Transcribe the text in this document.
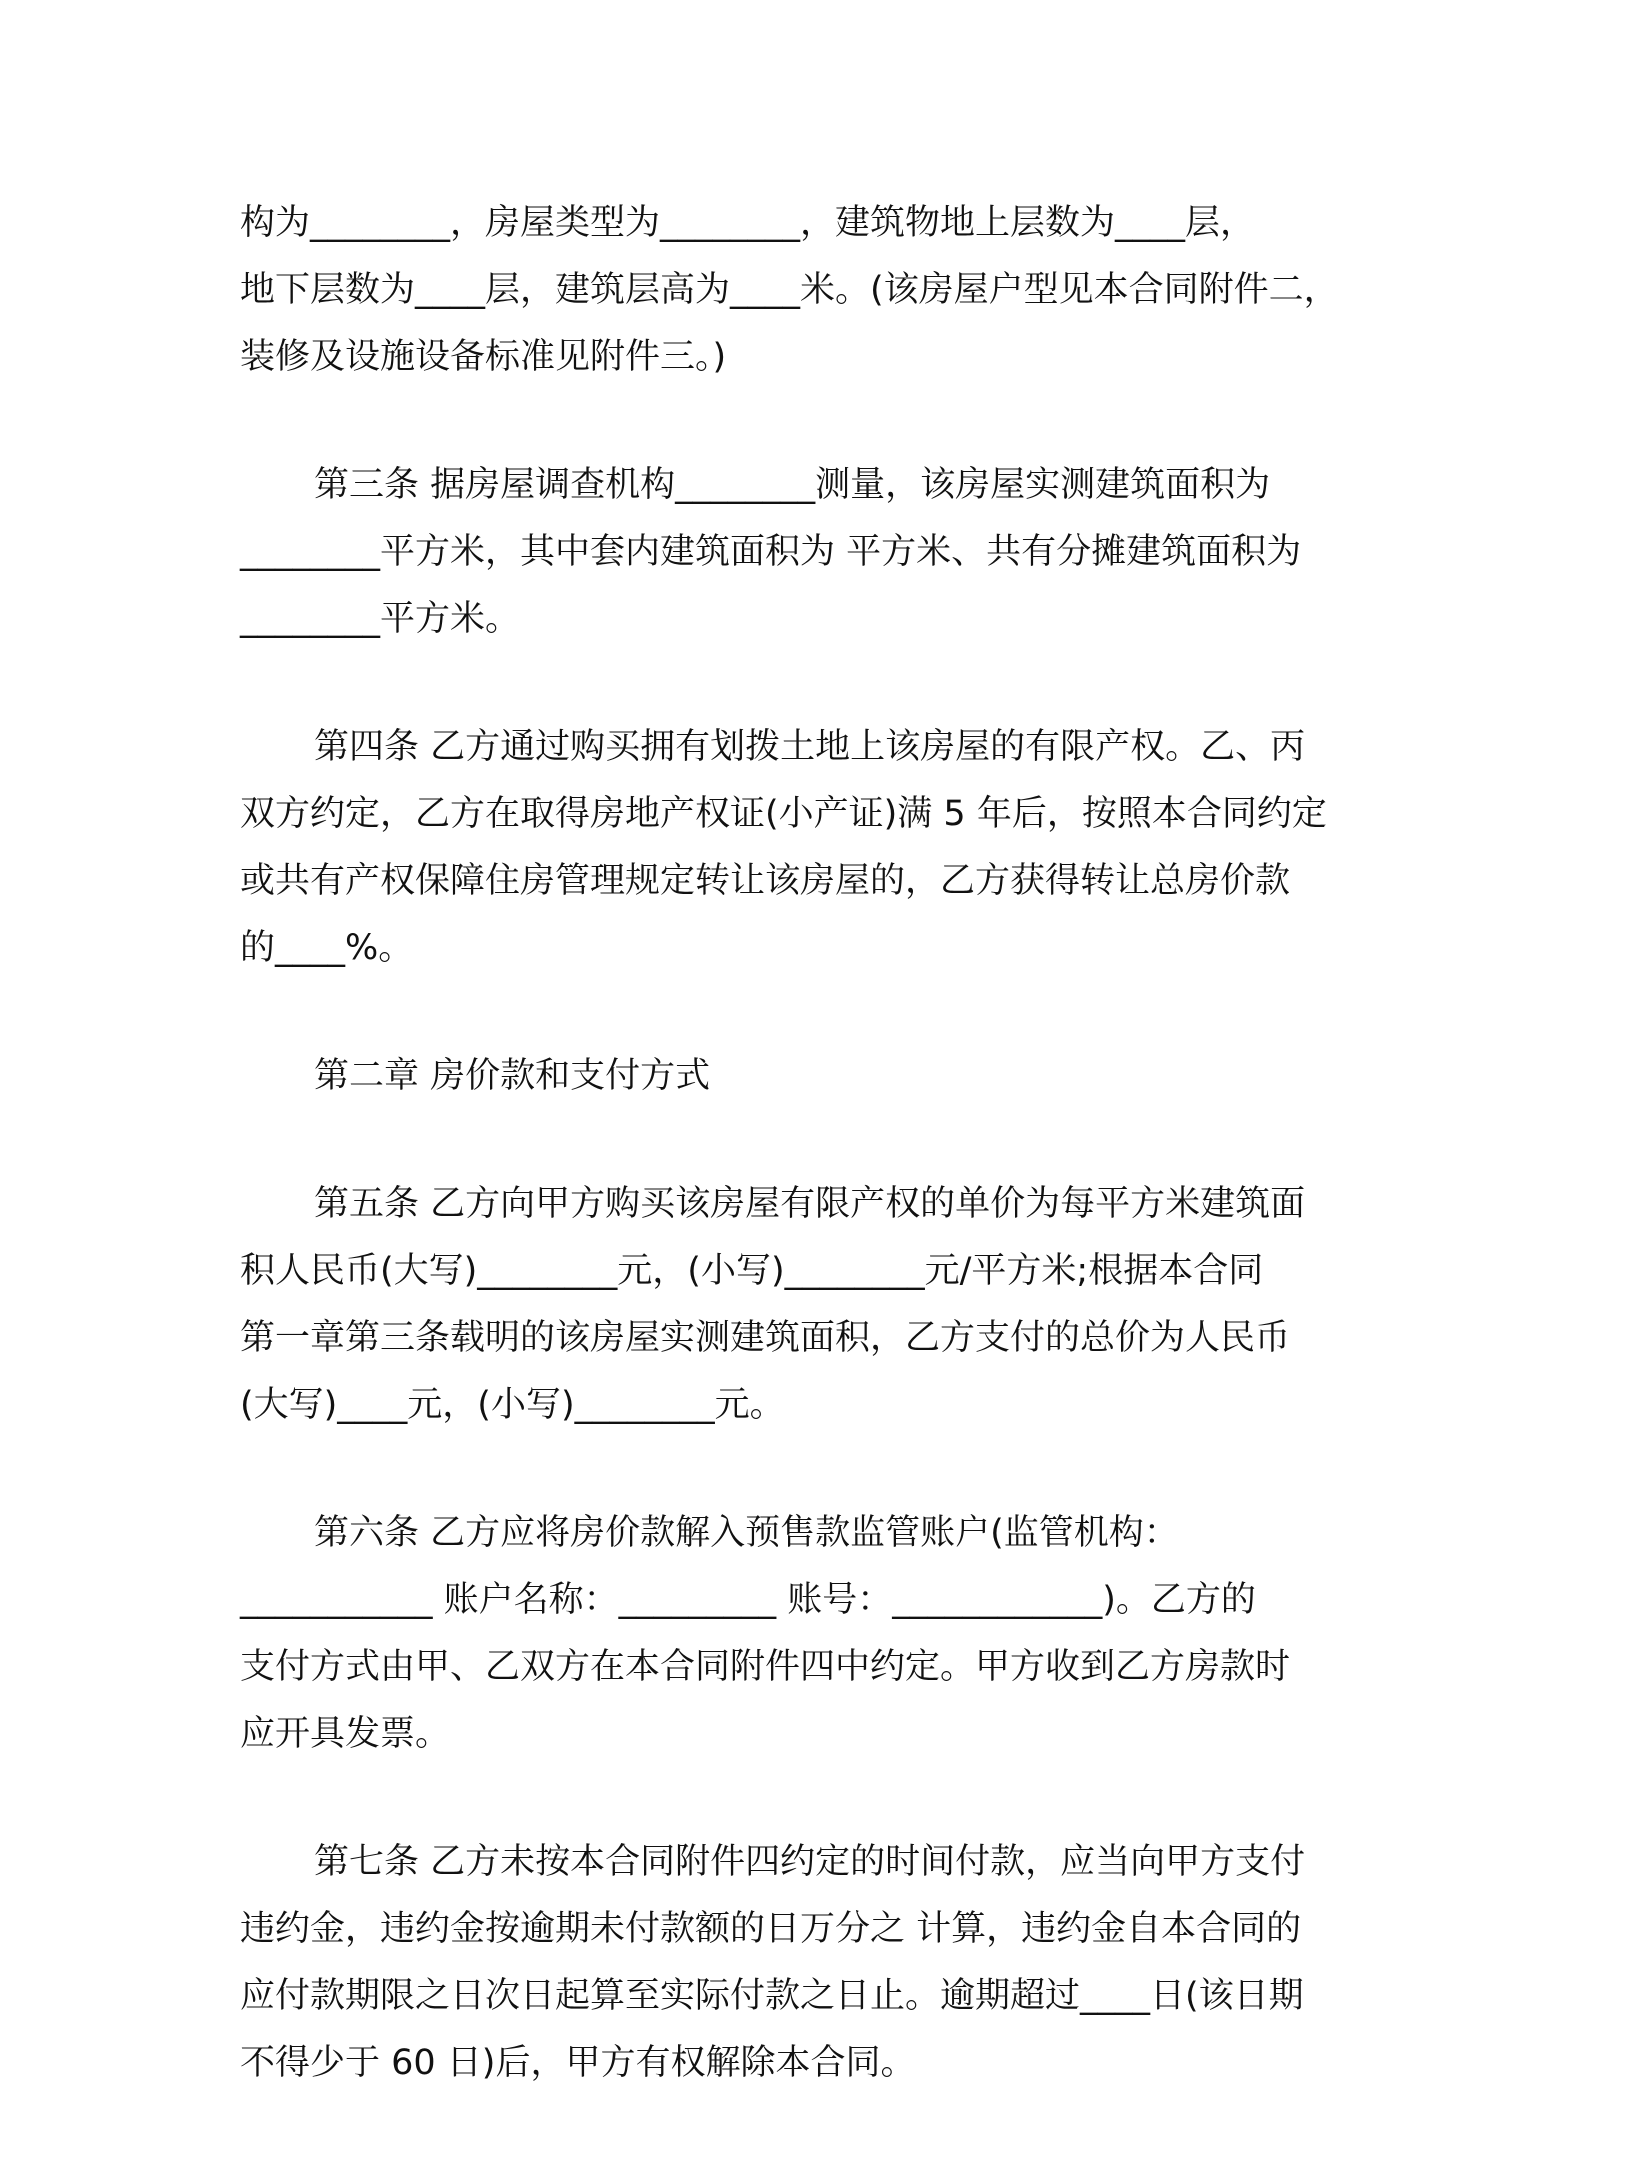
构为________，房屋类型为________，建筑物地上层数为____层，
地下层数为____层，建筑层高为____米。(该房屋户型见本合同附件二，
装修及设施设备标准见附件三。)
第三条 据房屋调查机构________测量，该房屋实测建筑面积为
________平方米，其中套内建筑面积为 平方米、共有分摊建筑面积为
________平方米。
第四条 乙方通过购买拥有划拨土地上该房屋的有限产权。乙、丙
双方约定，乙方在取得房地产权证(小产证)满 5 年后，按照本合同约定
或共有产权保障住房管理规定转让该房屋的，乙方获得转让总房价款
的____%。
第二章 房价款和支付方式
第五条 乙方向甲方购买该房屋有限产权的单价为每平方米建筑面
积人民币(大写)________元，(小写)________元/平方米;根据本合同
第一章第三条载明的该房屋实测建筑面积，乙方支付的总价为人民币
(大写)____元，(小写)________元。
第六条 乙方应将房价款解入预售款监管账户(监管机构：
___________ 账户名称：_________ 账号：____________)。乙方的
支付方式由甲、乙双方在本合同附件四中约定。甲方收到乙方房款时
应开具发票。
第七条 乙方未按本合同附件四约定的时间付款，应当向甲方支付
违约金，违约金按逾期未付款额的日万分之 计算，违约金自本合同的
应付款期限之日次日起算至实际付款之日止。逾期超过____日(该日期
不得少于 60 日)后，甲方有权解除本合同。
